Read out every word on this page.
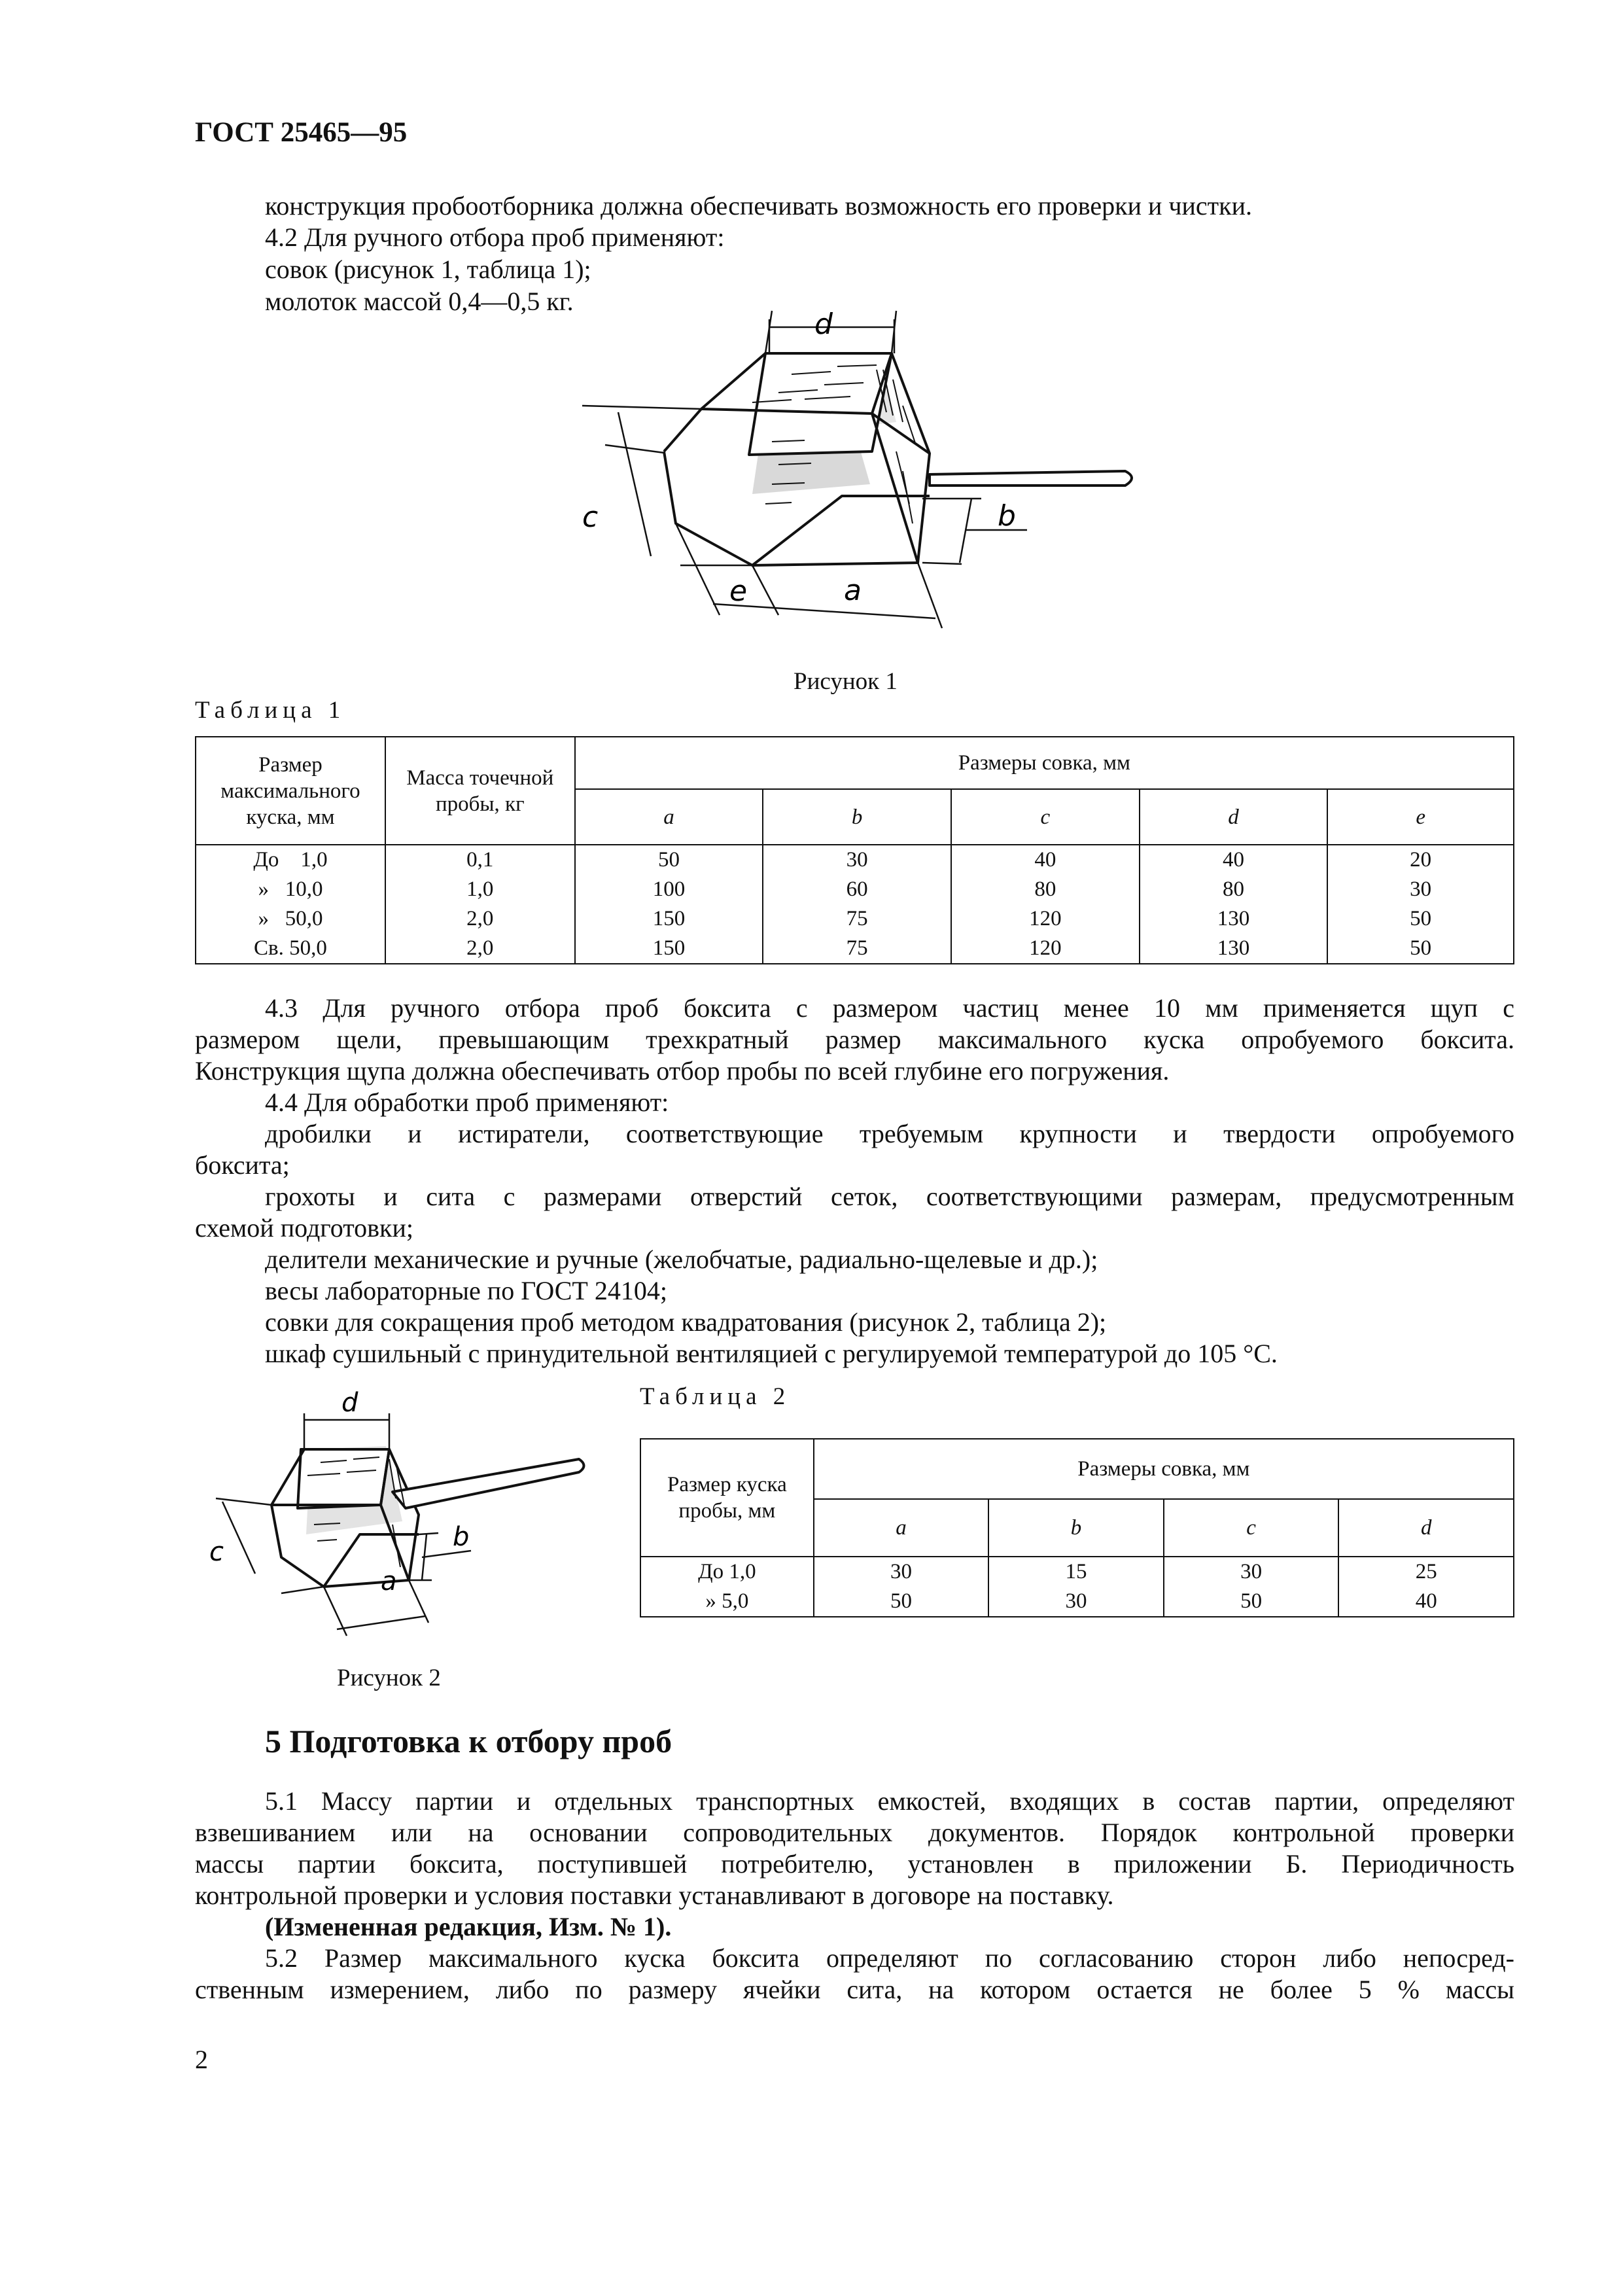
ГОСТ 25465—95
конструкция пробоотборника должна обеспечивать возможность его проверки и чистки.
4.2 Для ручного отбора проб применяют:
совок (рисунок 1, таблица 1);
молоток массой 0,4—0,5 кг.
d
c	b
e	a
Рисунок 1
Таблица 1
Размер максимального куска, мм	Масса точечной пробы, кг	Размеры совка, мм				
		a	b	c	d	e
До    1,0	0,1	50	30	40	40	20
»   10,0	1,0	100	60	80	80	30
»   50,0	2,0	150	75	120	130	50
Св. 50,0	2,0	150	75	120	130	50
4.3 Для ручного отбора проб боксита с размером частиц менее 10 мм применяется щуп с
размером щели, превышающим трехкратный размер максимального куска опробуемого боксита.
Конструкция щупа должна обеспечивать отбор пробы по всей глубине его погружения.
4.4 Для обработки проб применяют:
дробилки и истиратели, соответствующие требуемым крупности и твердости опробуемого
боксита;
грохоты и сита с размерами отверстий сеток, соответствующими размерам, предусмотренным
схемой подготовки;
делители механические и ручные (желобчатые, радиально-щелевые и др.);
весы лабораторные по ГОСТ 24104;
совки для сокращения проб методом квадратования (рисунок 2, таблица 2);
шкаф сушильный с принудительной вентиляцией с регулируемой температурой до 105 °С.
d
c	b
a
Таблица 2
Размер куска пробы, мм	Размеры совка, мм			
	a	b	c	d
До 1,0	30	15	30	25
» 5,0	50	30	50	40
Рисунок 2
5 Подготовка к отбору проб
5.1 Массу партии и отдельных транспортных емкостей, входящих в состав партии, определяют
взвешиванием или на основании сопроводительных документов. Порядок контрольной проверки
массы партии боксита, поступившей потребителю, установлен в приложении Б. Периодичность
контрольной проверки и условия поставки устанавливают в договоре на поставку.
(Измененная редакция, Изм. № 1).
5.2 Размер максимального куска боксита определяют по согласованию сторон либо непосред-
ственным измерением, либо по размеру ячейки сита, на котором остается не более 5 % массы
2
